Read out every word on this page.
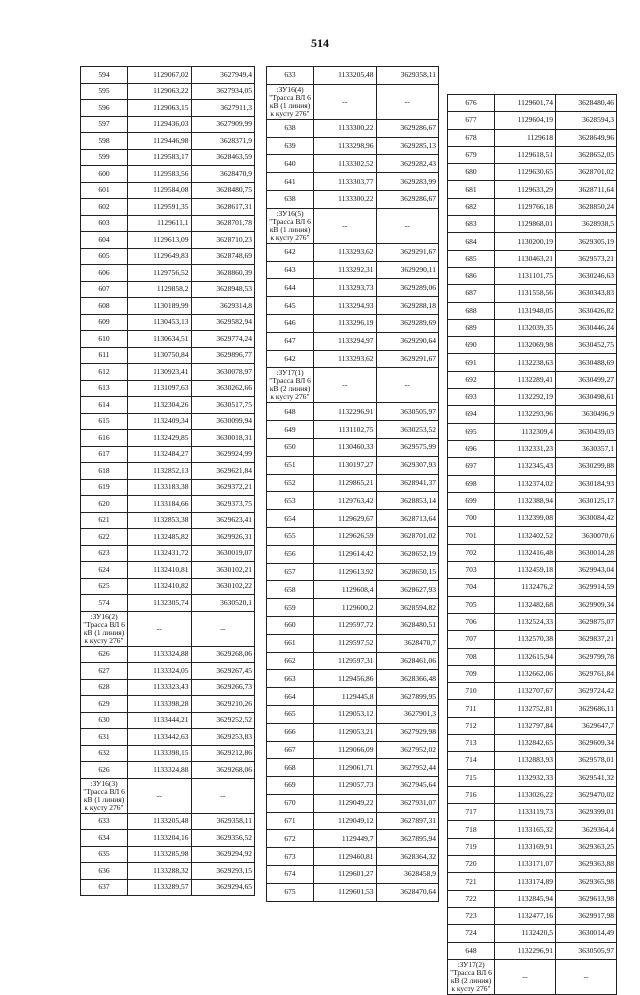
514
594	1129067,02	3627949,4
595	1129063,22	3627934,05
596	1129063,15	3627911,3
597	1129436,03	3627909,99
598	1129446,98	3628371,9
599	1129583,17	3628463,59
600	1129583,56	3628470,9
601	1129584,08	3628480,75
602	1129591,35	3628617,31
603	1129611,1	3628701,78
604	1129613,09	3628710,23
605	1129649,83	3628748,69
606	1129756,52	3628860,39
607	1129858,2	3628948,53
608	1130189,99	3629314,8
609	1130453,13	3629582,94
610	1130634,51	3629774,24
611	1130750,84	3629896,77
612	1130923,41	3630078,97
613	1131097,63	3630262,66
614	1132304,26	3630517,75
615	1132409,34	3630099,94
616	1132429,85	3630018,31
617	1132484,27	3629924,99
618	1132852,13	3629621,84
619	1133183,38	3629372,21
620	1133184,66	3629373,75
621	1132853,38	3629623,41
622	1132485,82	3629926,31
623	1132431,72	3630019,07
624	1132410,81	3630102,21
625	1132410,82	3630102,22
574	1132305,74	3630520,1
:ЗУ16(2) "Трасса ВЛ 6 кВ (1 линия) к кусту 276"	--	--
626	1133324,88	3629268,06
627	1133324,05	3629267,45
628	1133323,43	3629266,73
629	1133398,28	3629210,26
630	1133444,21	3629252,52
631	1133442,63	3629253,83
632	1133398,15	3629212,86
626	1133324,88	3629268,06
:ЗУ16(3) "Трасса ВЛ 6 кВ (1 линия) к кусту 276"	--	--
633	1133205,48	3629358,11
634	1133204,16	3629356,52
635	1133285,98	3629294,92
636	1133288,32	3629293,15
637	1133289,57	3629294,65
633	1133205,48	3629358,11
:ЗУ16(4) "Трасса ВЛ 6 кВ (1 линия) к кусту 276"	--	--
638	1133300,22	3629286,67
639	1133298,96	3629285,13
640	1133302,52	3629282,43
641	1133303,77	3629283,99
638	1133300,22	3629286,67
:ЗУ16(5) "Трасса ВЛ 6 кВ (1 линия) к кусту 276"	--	--
642	1133293,62	3629291,67
643	1133292,31	3629290,11
644	1133293,73	3629289,06
645	1133294,93	3629288,18
646	1133296,19	3629289,69
647	1133294,97	3629290,64
642	1133293,62	3629291,67
:ЗУ17(1) "Трасса ВЛ 6 кВ (2 линия) к кусту 276"	--	--
648	1132296,91	3630505,97
649	1131102,75	3630253,52
650	1130460,33	3629575,99
651	1130197,27	3629307,93
652	1129865,21	3628941,37
653	1129763,42	3628853,14
654	1129629,67	3628713,64
655	1129626,59	3628701,02
656	1129614,42	3628652,19
657	1129613,92	3628650,15
658	1129608,4	3628627,93
659	1129600,2	3628594,82
660	1129597,72	3628480,51
661	1129597,52	3628470,7
662	1129597,31	3628461,06
663	1129456,86	3628366,48
664	1129445,8	3627899,95
665	1129053,12	3627901,3
666	1129053,21	3627929,98
667	1129066,09	3627952,02
668	1129061,71	3627952,44
669	1129057,73	3627945,64
670	1129049,22	3627931,07
671	1129049,12	3627897,31
672	1129449,7	3627895,94
673	1129460,81	3628364,32
674	1129601,27	3628458,9
675	1129601,53	3628470,64
676	1129601,74	3628480,46
677	1129604,19	3628594,3
678	1129618	3628649,96
679	1129618,51	3628652,05
680	1129630,65	3628701,02
681	1129633,29	3628711,64
682	1129766,18	3628850,24
683	1129868,01	3628938,5
684	1130200,19	3629305,19
685	1130463,21	3629573,21
686	1131101,75	3630246,63
687	1131558,56	3630343,83
688	1131948,05	3630426,82
689	1132039,35	3630446,24
690	1132069,98	3630452,75
691	1132238,63	3630488,69
692	1132289,41	3630499,27
693	1132292,19	3630498,61
694	1132293,96	3630496,9
695	1132309,4	3630439,03
696	1132331,23	3630357,1
697	1132345,43	3630299,88
698	1132374,02	3630184,93
699	1132388,94	3630125,17
700	1132399,08	3630084,42
701	1132402,52	3630070,6
702	1132416,48	3630014,28
703	1132459,18	3629943,04
704	1132476,2	3629914,59
705	1132482,68	3629909,34
706	1132524,33	3629875,07
707	1132570,38	3629837,21
708	1132615,94	3629799,78
709	1132662,06	3629761,84
710	1132707,67	3629724,42
711	1132752,81	3629686,11
712	1132797,84	3629647,7
713	1132842,65	3629609,34
714	1132883,93	3629578,01
715	1132932,33	3629541,32
716	1133026,22	3629470,02
717	1133119,73	3629399,01
718	1133165,32	3629364,4
719	1133169,91	3629363,25
720	1133171,07	3629363,88
721	1133174,89	3629365,98
722	1132845,94	3629613,98
723	1132477,16	3629917,98
724	1132420,5	3630014,49
648	1132296,91	3630505,97
:ЗУ17(2) "Трасса ВЛ 6 кВ (2 линия) к кусту 276"	--	--
